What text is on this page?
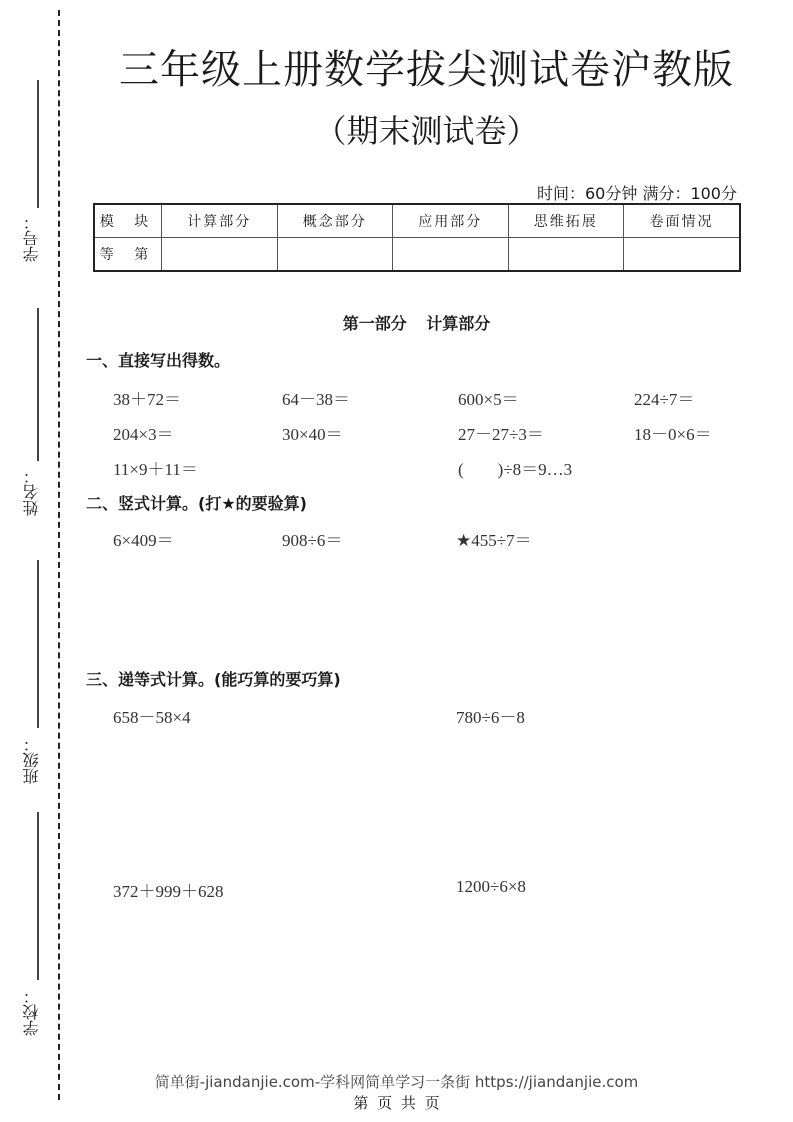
学号：
姓名：
班级：
学校：
三年级上册数学拔尖测试卷沪教版
（期末测试卷）
时间：60分钟 满分：100分
模 块	计算部分	概念部分	应用部分	思维拓展	卷面情况
等 第					
第一部分 计算部分
一、直接写出得数。
38＋72＝	64－38＝	600×5＝	224÷7＝
204×3＝	30×40＝	27－27÷3＝	18－0×6＝
11×9＋11＝	(　　)÷8＝9…3
二、竖式计算。(打★的要验算)
6×409＝	908÷6＝	★455÷7＝
三、递等式计算。(能巧算的要巧算)
658－58×4	780÷6－8
372＋999＋628	1200÷6×8
简单街-jiandanjie.com-学科网简单学习一条街 https://jiandanjie.com
第 页 共 页
